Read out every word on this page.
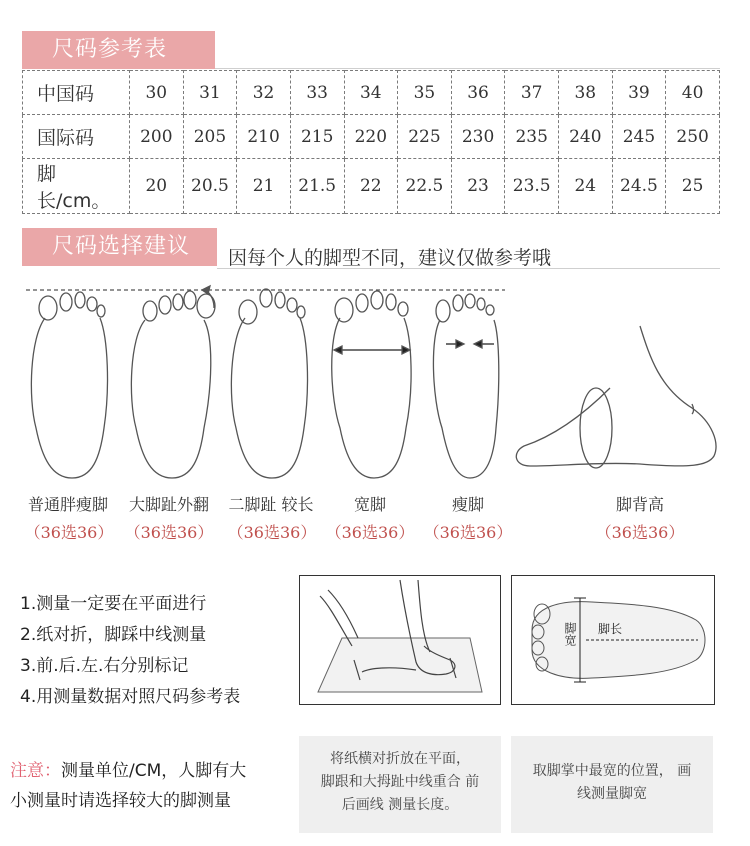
尺码参考表
中国码	30	31	32	33	34	35	36	37	38	39	40
国际码	200	205	210	215	220	225	230	235	240	245	250
脚长/cm。	20	20.5	21	21.5	22	22.5	23	23.5	24	24.5	25
尺码选择建议	因每个人的脚型不同，建议仅做参考哦
普通胖瘦脚	大脚趾外翻	二脚趾 较长	宽脚	瘦脚	脚背高
（36选36） （36选36） （36选36） （36选36） （36选36）	（36选36）
1.测量一定要在平面进行
2.纸对折，脚踩中线测量
3.前.后.左.右分别标记
4.用测量数据对照尺码参考表
脚宽 脚长
注意：测量单位/CM，人脚有大
小测量时请选择较大的脚测量
将纸横对折放在平面，
脚跟和大拇趾中线重合 前
后画线 测量长度。
取脚掌中最宽的位置， 画
线测量脚宽
